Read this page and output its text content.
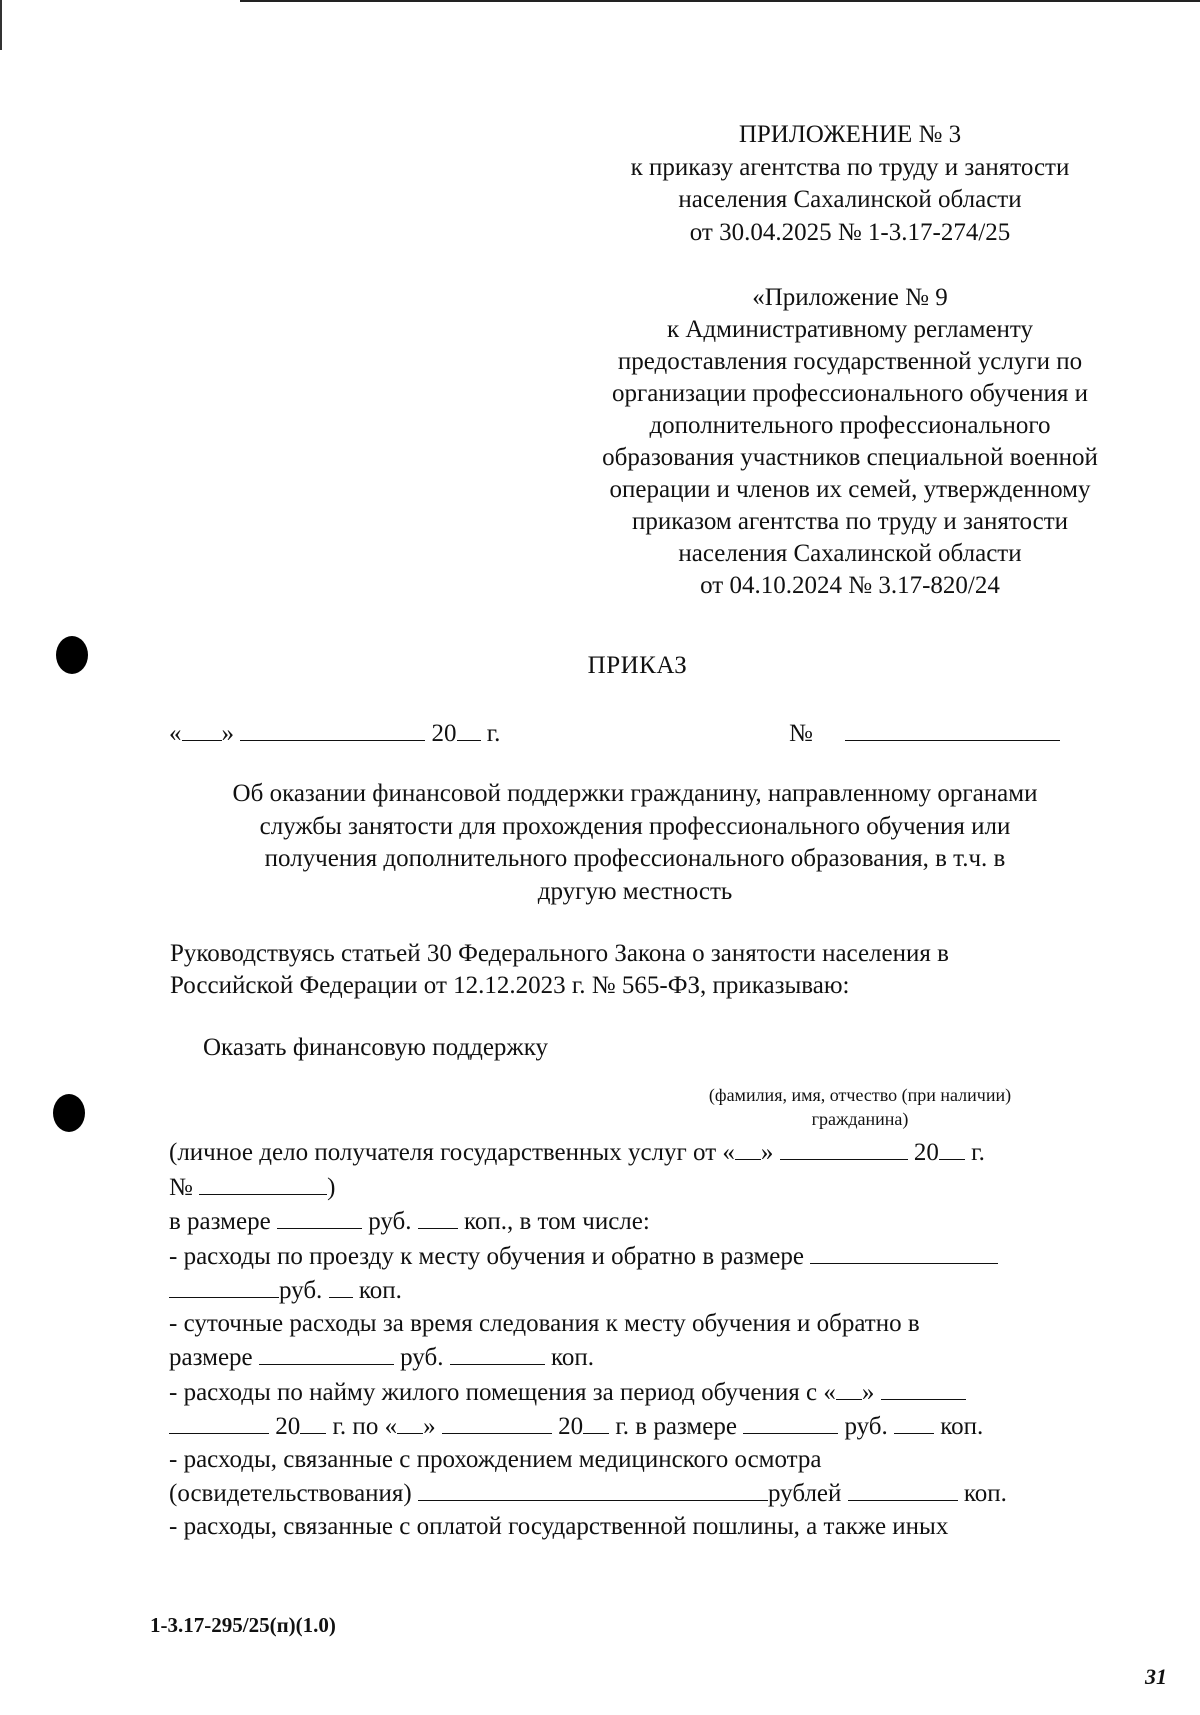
ПРИЛОЖЕНИЕ № 3
к приказу агентства по труду и занятости
населения Сахалинской области
от 30.04.2025 № 1-3.17-274/25
«Приложение № 9
к Административному регламенту
предоставления государственной услуги по
организации профессионального обучения и
дополнительного профессионального
образования участников специальной военной
операции и членов их семей, утвержденному
приказом агентства по труду и занятости
населения Сахалинской области
от 04.10.2024 № 3.17-820/24
ПРИКАЗ
« »	20 г.	№
Об оказании финансовой поддержки гражданину, направленному органами
службы занятости для прохождения профессионального обучения или
получения дополнительного профессионального образования, в т.ч. в
другую местность
Руководствуясь статьей 30 Федерального Закона о занятости населения в
Российской Федерации от 12.12.2023 г. № 565-ФЗ, приказываю:
Оказать финансовую поддержку
(фамилия, имя, отчество (при наличии)
гражданина)
(личное дело получателя государственных услуг от « »	20 г.
№	)
в размере	руб. коп., в том числе:
- расходы по проезду к месту обучения и обратно в размере
руб. коп.
- суточные расходы за время следования к месту обучения и обратно в
размере	руб.	коп.
- расходы по найму жилого помещения за период обучения с « »
20 г. по « »	20 г. в размере	руб. коп.
- расходы, связанные с прохождением медицинского осмотра
(освидетельствования)	рублей	коп.
- расходы, связанные с оплатой государственной пошлины, а также иных
1-3.17-295/25(п)(1.0)
31
